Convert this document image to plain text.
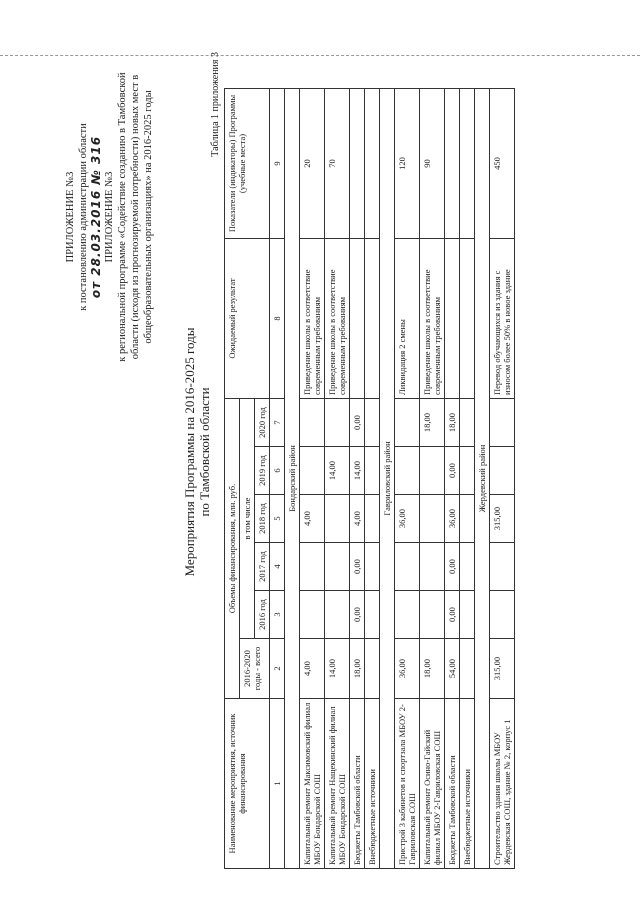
ПРИЛОЖЕНИЕ №3 к постановлению администрации области от 28.03.2016 № 316 ПРИЛОЖЕНИЕ №3 к региональной программе «Содействие созданию в Тамбовской области (исходя из прогнозируемой потребности) новых мест в общеобразовательных организациях» на 2016-2025 годы
Мероприятия Программы на 2016-2025 годы по Тамбовской области
Таблица 1 приложения 3
Наименование мероприятия, источник финансирования	Объемы финансирования, млн. руб.						Ожидаемый результат	Показатели (индикаторы) Программы (учебные места)
	2016-2020 годы - всего	в том числе						
		2016 год	2017 год	2018 год	2019 год	2020 год		
1	2	3	4	5	6	7	8	9
Бондарский район								
Капитальный ремонт Максимовский филиал МБОУ Бондарской СОШ	4,00			4,00			Приведение школы в соответствие современным требованиям	20
Капитальный ремонт Нащекинский филиал МБОУ Бондарской СОШ	14,00				14,00		Приведение школы в соответствие современным требованиям	70
Бюджеты Тамбовской области	18,00	0,00	0,00	4,00	14,00	0,00		
Внебюджетные источники								
Гавриловский район								
Пристрой 3 кабинетов и спортзала МБОУ 2-Гавриловская СОШ	36,00			36,00			Ликвидация 2 смены	120
Капитальный ремонт Осино-Гайский филиал МБОУ 2-Гавриловская СОШ	18,00					18,00	Приведение школы в соответствие современным требованиям	90
Бюджеты Тамбовской области	54,00	0,00	0,00	36,00	0,00	18,00		
Внебюджетные источники								
Жердевский район								
Строительство здания школы МБОУ Жердевская СОШ, здание № 2, корпус 1	315,00			315,00			Перевод обучающихся из здания с износом более 50% в новое здание	450
